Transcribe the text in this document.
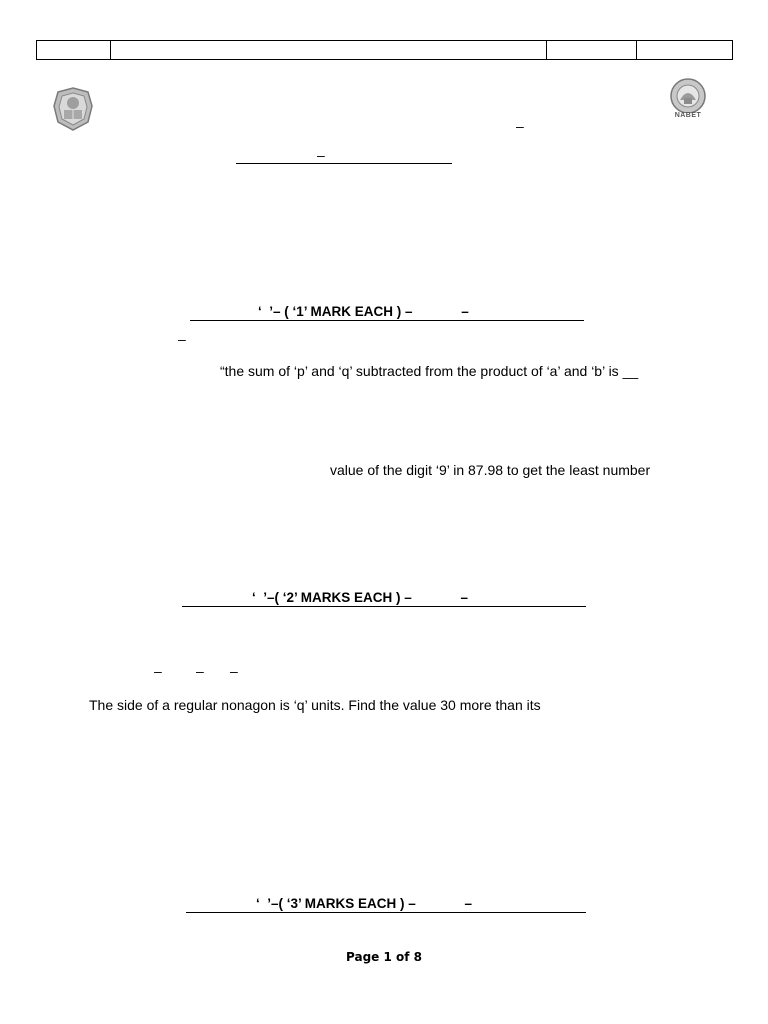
NABET
–
–
‘  ’– ( ‘1’ MARK EACH ) –             –
–
“the sum of ‘p’ and ‘q’ subtracted from the product of ‘a’ and ‘b’ is __
value of the digit ‘9’ in 87.98 to get the least number
‘  ’–( ‘2’ MARKS EACH ) –             –
– – –
The side of a regular nonagon is ‘q’ units. Find the value 30 more than its
‘  ’–( ‘3’ MARKS EACH ) –             –
Page 1 of 8
